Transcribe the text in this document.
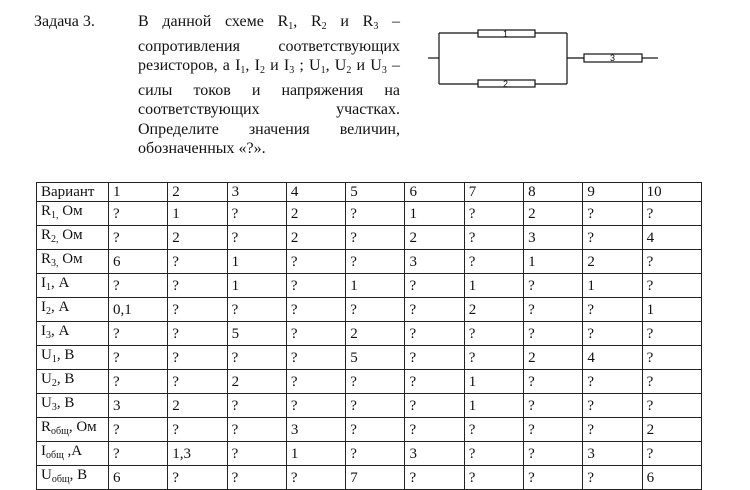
Задача 3.	В данной схеме $R_1$, $R_2$ и $R_3$ – сопротивления соответствующих резисторов, а $I_1$, $I_2$ и $I_3$ ; $U_1$, $U_2$ и $U_3$ – силы токов и напряжения на соответствующих участках. Определите значения величин, обозначенных «?».

1
2
3
Вариант	1	2	3	4	5	6	7	8	9	10
$R_{1,}$ Ом	?	1	?	2	?	1	?	2	?	?
$R_{2,}$ Ом	?	2	?	2	?	2	?	3	?	4
$R_{3,}$ Ом	6	?	1	?	?	3	?	1	2	?
$I_1$, А	?	?	1	?	1	?	1	?	1	?
$I_2$, А	0,1	?	?	?	?	?	2	?	?	1
$I_3$, А	?	?	5	?	2	?	?	?	?	?
$U_1$, В	?	?	?	?	5	?	?	2	4	?
$U_2$, В	?	?	2	?	?	?	1	?	?	?
$U_3$, В	3	2	?	?	?	?	1	?	?	?
$R_{общ}$, Ом	?	?	?	3	?	?	?	?	?	2
$I_{общ}$ ,А	?	1,3	?	1	?	3	?	?	3	?
$U_{общ}$, В	6	?	?	?	7	?	?	?	?	6
